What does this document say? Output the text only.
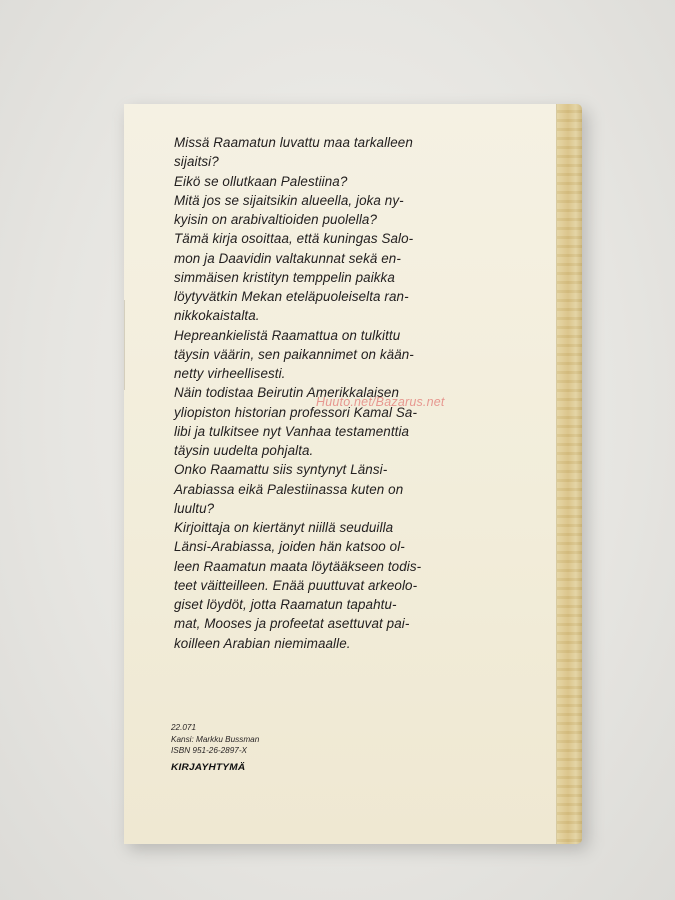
Missä Raamatun luvattu maa tarkalleen
sijaitsi?
Eikö se ollutkaan Palestiina?
Mitä jos se sijaitsikin alueella, joka ny-
kyisin on arabivaltioiden puolella?
Tämä kirja osoittaa, että kuningas Salo-
mon ja Daavidin valtakunnat sekä en-
simmäisen kristityn temppelin paikka
löytyvätkin Mekan eteläpuoleiselta ran-
nikkokaistalta.
Hepreankielistä Raamattua on tulkittu
täysin väärin, sen paikannimet on kään-
netty virheellisesti.
Näin todistaa Beirutin Amerikkalaisen
yliopiston historian professori Kamal Sa-
libi ja tulkitsee nyt Vanhaa testamenttia
täysin uudelta pohjalta.
Onko Raamattu siis syntynyt Länsi-
Arabiassa eikä Palestiinassa kuten on
luultu?
Kirjoittaja on kiertänyt niillä seuduilla
Länsi-Arabiassa, joiden hän katsoo ol-
leen Raamatun maata löytääkseen todis-
teet väitteilleen. Enää puuttuvat arkeolo-
giset löydöt, jotta Raamatun tapahtu-
mat, Mooses ja profeetat asettuvat pai-
koilleen Arabian niemimaalle.
Huuto.net/Bazarus.net
22.071
Kansi: Markku Bussman
ISBN 951-26-2897-X
KIRJAYHTYMÄ
